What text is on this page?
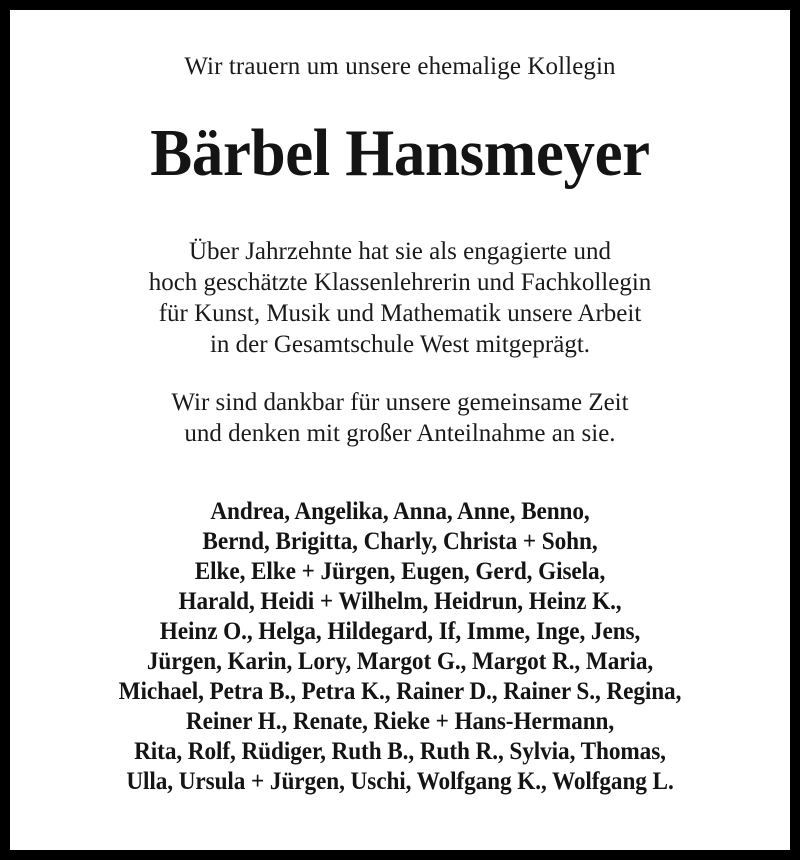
Wir trauern um unsere ehemalige Kollegin

Bärbel Hansmeyer
Über Jahrzehnte hat sie als engagierte und
hoch geschätzte Klassenlehrerin und Fachkollegin
für Kunst, Musik und Mathematik unsere Arbeit
in der Gesamtschule West mitgeprägt.
Wir sind dankbar für unsere gemeinsame Zeit
und denken mit großer Anteilnahme an sie.
Andrea, Angelika, Anna, Anne, Benno,
Bernd, Brigitta, Charly, Christa + Sohn,
Elke, Elke + Jürgen, Eugen, Gerd, Gisela,
Harald, Heidi + Wilhelm, Heidrun, Heinz K.,
Heinz O., Helga, Hildegard, If, Imme, Inge, Jens,
Jürgen, Karin, Lory, Margot G., Margot R., Maria,
Michael, Petra B., Petra K., Rainer D., Rainer S., Regina,
Reiner H., Renate, Rieke + Hans-Hermann,
Rita, Rolf, Rüdiger, Ruth B., Ruth R., Sylvia, Thomas,
Ulla, Ursula + Jürgen, Uschi, Wolfgang K., Wolfgang L.
